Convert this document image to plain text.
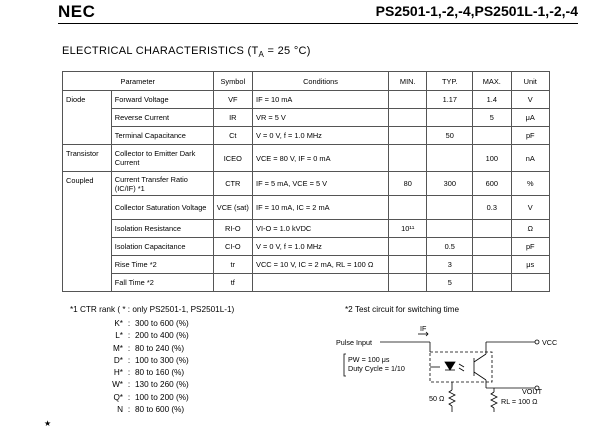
NEC	PS2501-1,-2,-4,PS2501L-1,-2,-4
ELECTRICAL CHARACTERISTICS ($T_A = 25$ °C)
Parameter		Symbol	Conditions	MIN.	TYP.	MAX.	Unit
Diode	Forward Voltage	VF	IF = 10 mA		1.17	1.4	V
	Reverse Current	IR	VR = 5 V			5	μA
	Terminal Capacitance	Ct	V = 0 V, f = 1.0 MHz		50		pF
Transistor	Collector to Emitter Dark Current	ICEO	VCE = 80 V, IF = 0 mA			100	nA
Coupled	Current Transfer Ratio (IC/IF) *1	CTR	IF = 5 mA, VCE = 5 V	80	300	600	%
	Collector Saturation Voltage	VCE (sat)	IF = 10 mA, IC = 2 mA			0.3	V
	Isolation Resistance	RI-O	VI-O = 1.0 kVDC	10¹¹			Ω
	Isolation Capacitance	CI-O	V = 0 V, f = 1.0 MHz		0.5		pF
	Rise Time *2	tr	VCC = 10 V, IC = 2 mA, RL = 100 Ω		3		μs
	Fall Time *2	tf			5		
*1 CTR rank ( * : only PS2501-1, PS2501L-1)	*2 Test circuit for switching time
K* : 300 to 600 (%)
L* : 200 to 400 (%)
M* : 80 to 240 (%)
D* : 100 to 300 (%)
H* : 80 to 160 (%)
W* : 130 to 260 (%)
Q* : 100 to 200 (%)
N : 80 to 600 (%)
★
Pulse Input
IF
PW = 100 μs
Duty Cycle = 1/10
50 Ω
VCC
VOUT
RL = 100 Ω
